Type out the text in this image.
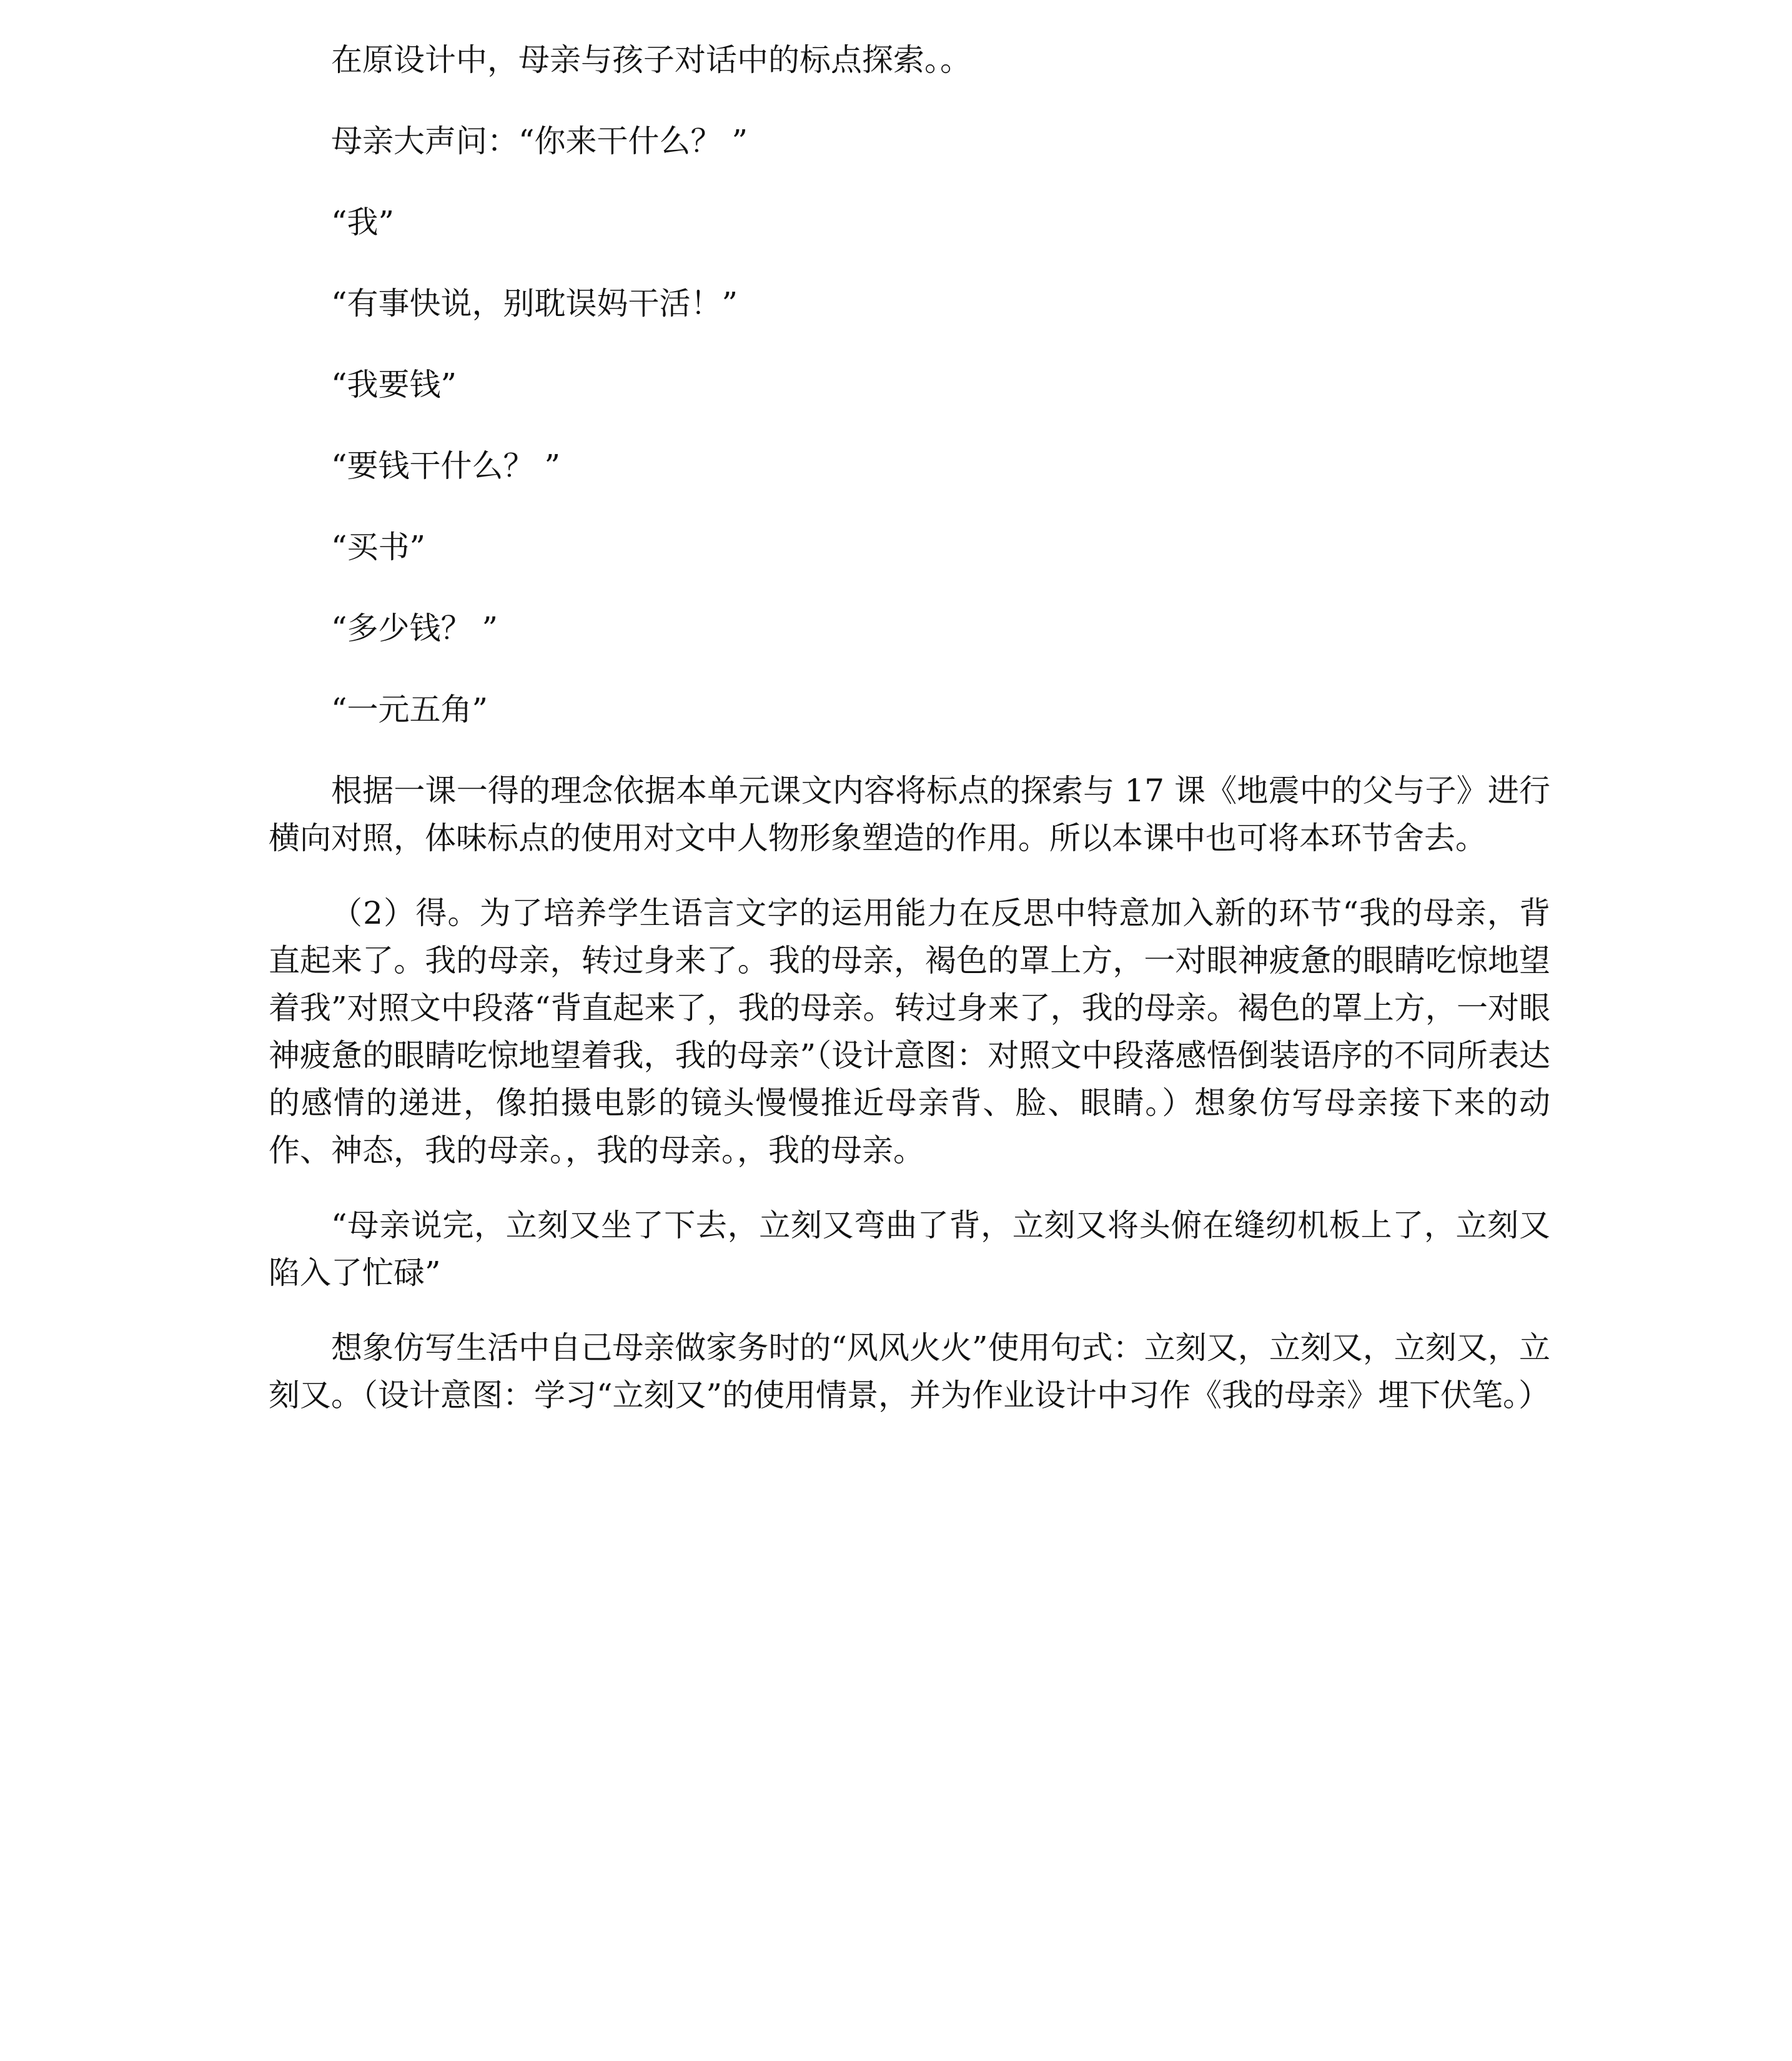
在原设计中，母亲与孩子对话中的标点探索。。

母亲大声问：“你来干什么？ ”

“我”

“有事快说，别耽误妈干活！”

“我要钱”

“要钱干什么？ ”

“买书”

“多少钱？ ”

“一元五角”

根据一课一得的理念依据本单元课文内容将标点的探索与 17 课《地震中的父与子》进行横向对照，体味标点的使用对文中人物形象塑造的作用。所以本课中也可将本环节舍去。

（2）得。为了培养学生语言文字的运用能力在反思中特意加入新的环节“我的母亲，背直起来了。我的母亲，转过身来了。我的母亲，褐色的罩上方，一对眼神疲惫的眼睛吃惊地望着我”对照文中段落“背直起来了，我的母亲。转过身来了，我的母亲。褐色的罩上方，一对眼神疲惫的眼睛吃惊地望着我，我的母亲”（设计意图：对照文中段落感悟倒装语序的不同所表达的感情的递进，像拍摄电影的镜头慢慢推近母亲背、脸、眼睛。）想象仿写母亲接下来的动作、神态，我的母亲。，我的母亲。，我的母亲。

“母亲说完，立刻又坐了下去，立刻又弯曲了背，立刻又将头俯在缝纫机板上了，立刻又陷入了忙碌”

想象仿写生活中自己母亲做家务时的“风风火火”使用句式：立刻又，立刻又，立刻又，立刻又。（设计意图：学习“立刻又”的使用情景，并为作业设计中习作《我的母亲》埋下伏笔。）
